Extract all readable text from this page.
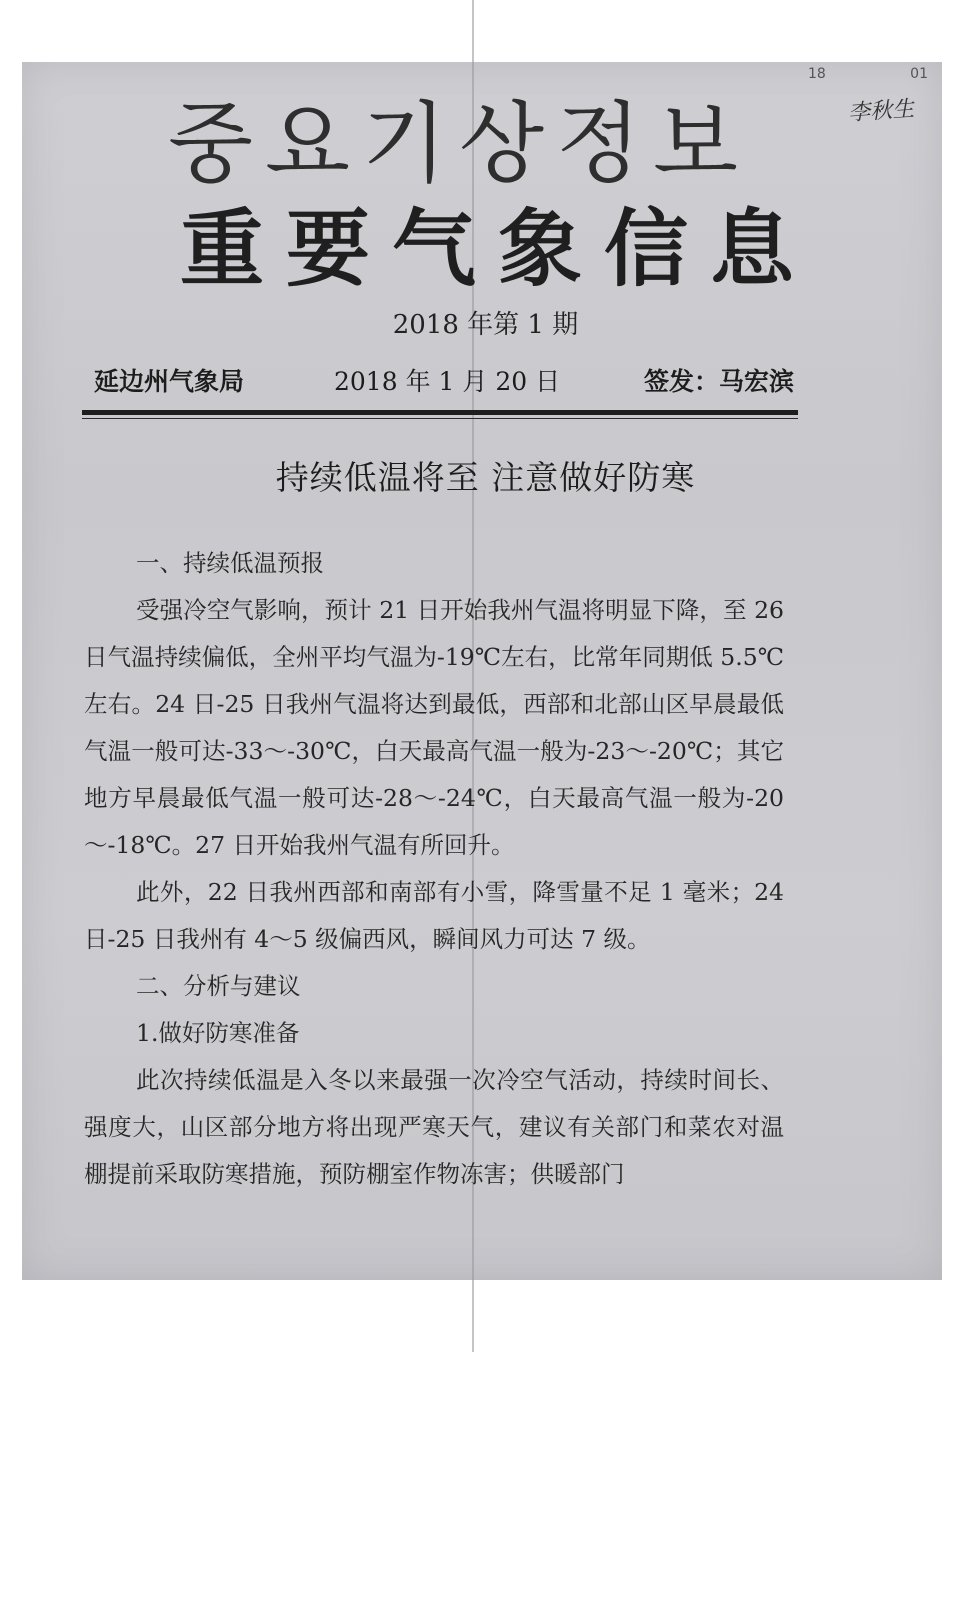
18	01
李秋生
중요기상정보
重要气象信息
2018 年第 1 期
延边州气象局	2018 年 1 月 20 日	签发：马宏滨
持续低温将至 注意做好防寒

一、持续低温预报

受强冷空气影响，预计 21 日开始我州气温将明显下降，至 26 日气温持续偏低，全州平均气温为-19℃左右，比常年同期低 5.5℃左右。24 日-25 日我州气温将达到最低，西部和北部山区早晨最低气温一般可达-33～-30℃，白天最高气温一般为-23～-20℃；其它地方早晨最低气温一般可达-28～-24℃，白天最高气温一般为-20～-18℃。27 日开始我州气温有所回升。

此外，22 日我州西部和南部有小雪，降雪量不足 1 毫米；24 日-25 日我州有 4～5 级偏西风，瞬间风力可达 7 级。

二、分析与建议

1.做好防寒准备

此次持续低温是入冬以来最强一次冷空气活动，持续时间长、强度大，山区部分地方将出现严寒天气，建议有关部门和菜农对温棚提前采取防寒措施，预防棚室作物冻害；供暖部门
